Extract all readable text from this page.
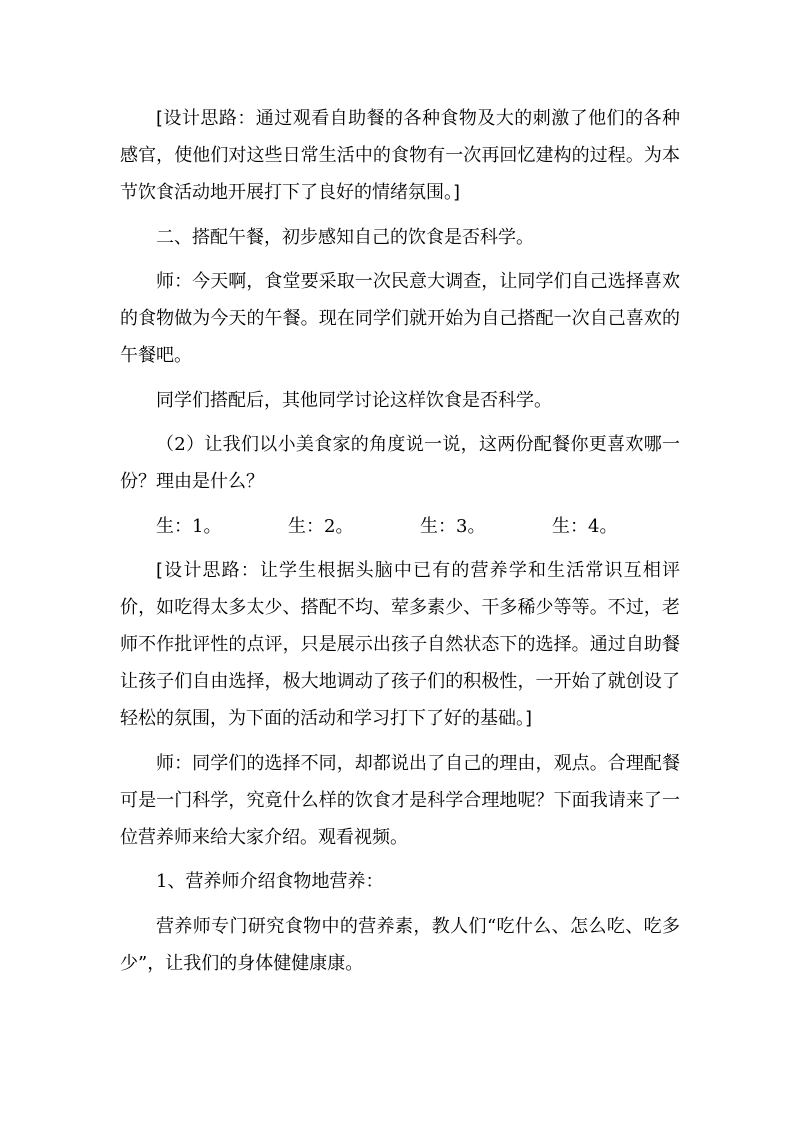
[设计思路：通过观看自助餐的各种食物及大的刺激了他们的各种感官，使他们对这些日常生活中的食物有一次再回忆建构的过程。为本节饮食活动地开展打下了良好的情绪氛围。]

二、搭配午餐，初步感知自己的饮食是否科学。

师：今天啊，食堂要采取一次民意大调查，让同学们自己选择喜欢的食物做为今天的午餐。现在同学们就开始为自己搭配一次自己喜欢的午餐吧。

同学们搭配后，其他同学讨论这样饮食是否科学。

（2）让我们以小美食家的角度说一说，这两份配餐你更喜欢哪一份？理由是什么？

生：1。	生：2。	生：3。	生：4。

[设计思路：让学生根据头脑中已有的营养学和生活常识互相评价，如吃得太多太少、搭配不均、荤多素少、干多稀少等等。不过，老师不作批评性的点评，只是展示出孩子自然状态下的选择。通过自助餐让孩子们自由选择，极大地调动了孩子们的积极性，一开始了就创设了轻松的氛围，为下面的活动和学习打下了好的基础。]

师：同学们的选择不同，却都说出了自己的理由，观点。合理配餐可是一门科学，究竟什么样的饮食才是科学合理地呢？下面我请来了一位营养师来给大家介绍。观看视频。

1、营养师介绍食物地营养：

营养师专门研究食物中的营养素，教人们“吃什么、怎么吃、吃多少”，让我们的身体健健康康。
